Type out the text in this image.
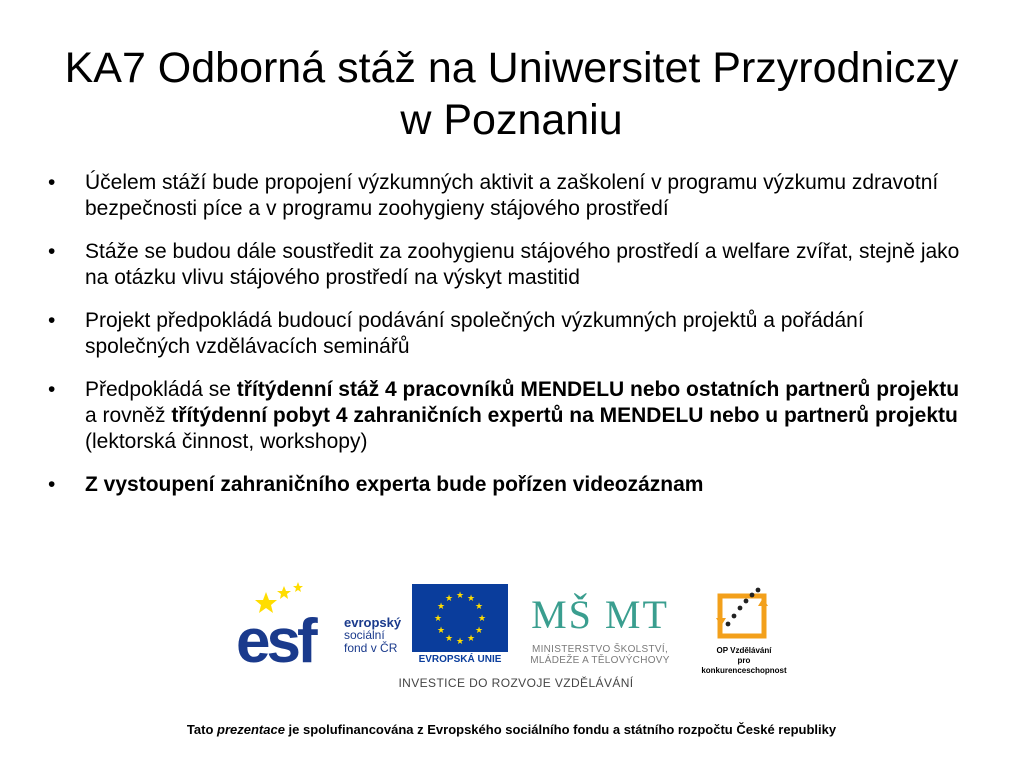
KA7 Odborná stáž na Uniwersitet Przyrodniczy w Poznaniu
• Účelem stáží bude propojení výzkumných aktivit a zaškolení v programu výzkumu zdravotní bezpečnosti píce a v programu zoohygieny stájového prostředí
• Stáže se budou dále soustředit za zoohygienu stájového prostředí a welfare zvířat, stejně jako na otázku vlivu stájového prostředí na výskyt mastitid
• Projekt předpokládá budoucí podávání společných výzkumných projektů a pořádání společných vzdělávacích seminářů
• Předpokládá se třítýdenní stáž 4 pracovníků MENDELU nebo ostatních partnerů projektu a rovněž třítýdenní pobyt 4 zahraničních expertů na MENDELU nebo u partnerů projektu (lektorská činnost, workshopy)
• Z vystoupení zahraničního experta bude pořízen videozáznam
esf	evropský
sociální
fond v ČR
★ ★
★
★
★
★
★
★
★
★
★
★
EVROPSKÁ UNIE
MŠ MT
MINISTERSTVO ŠKOLSTVÍ,
MLÁDEŽE A TĚLOVÝCHOVY
OP Vzdělávání
pro konkurenceschopnost
INVESTICE DO ROZVOJE VZDĚLÁVÁNÍ
Tato prezentace je spolufinancována z Evropského sociálního fondu a státního rozpočtu České republiky
